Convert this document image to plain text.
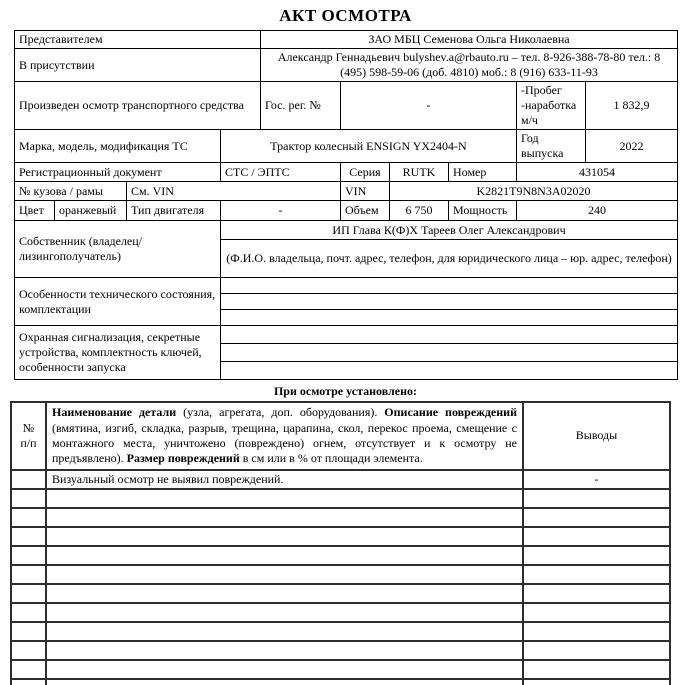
АКТ ОСМОТРА
Представителем				ЗАО МБЦ Семенова Ольга Николаевна					
В присутствии				Александр Геннадьевич bulyshev.a@rbauto.ru – тел. 8-926-388-78-80 тел.: 8 (495) 598-59-06 (доб. 4810) моб.: 8 (916) 633-11-93					
Произведен осмотр транспортного средства				Гос. рег. №	-			-Пробег -наработка м/ч	1 832,9
Марка, модель, модификация ТС			Трактор колесный ENSIGN YX2404-N					Год выпуска	2022
Регистрационный документ			СТС / ЭПТС		Серия	RUTK	Номер	431054	
№ кузова / рамы		См. VIN			VIN	K2821T9N8N3A02020			
Цвет	оранжевый	Тип двигателя	-		Объем	6 750	Мощность	240	
Собственник (владелец/лизингополучатель)			ИП Глава К(Ф)Х Тареев Олег Александрович						
			(Ф.И.О. владельца, почт. адрес, телефон, для юридического лица – юр. адрес, телефон)						
Особенности технического состояния, комплектации									

Охранная сигнализация, секретные устройства, комплектность ключей, особенности запуска									

При осмотре установлено:
№ п/п	Наименование детали (узла, агрегата, доп. оборудования). Описание повреждений (вмятина, изгиб, складка, разрыв, трещина, царапина, скол, перекос проема, смещение с монтажного места, уничтожено (повреждено) огнем, отсутствует и к осмотру не предъявлено). Размер повреждений в см или в % от площади элемента.	Выводы
	Визуальный осмотр не выявил повреждений.	-
